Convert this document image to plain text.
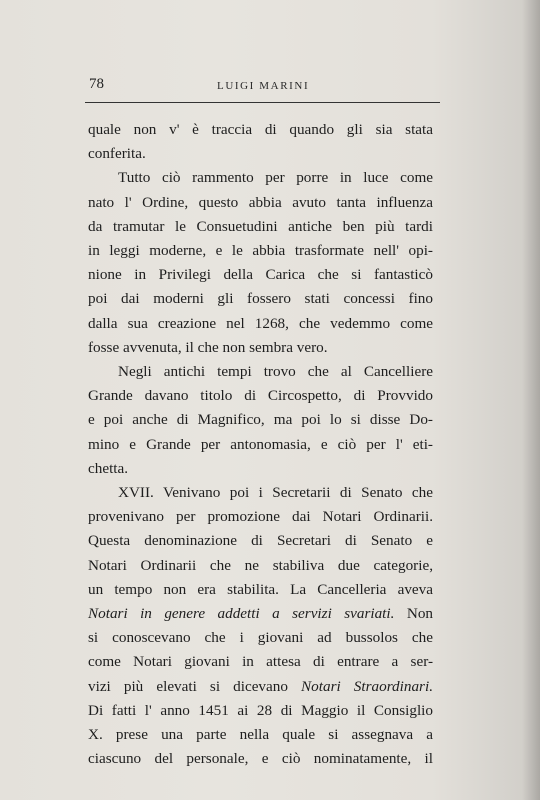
78	LUIGI MARINI
quale non v' è traccia di quando gli sia stata
conferita.
Tutto ciò rammento per porre in luce come
nato l' Ordine, questo abbia avuto tanta influenza
da tramutar le Consuetudini antiche ben più tardi
in leggi moderne, e le abbia trasformate nell' opi-
nione in Privilegi della Carica che si fantasticò
poi dai moderni gli fossero stati concessi fino
dalla sua creazione nel 1268, che vedemmo come
fosse avvenuta, il che non sembra vero.
Negli antichi tempi trovo che al Cancelliere
Grande davano titolo di Circospetto, di Provvido
e poi anche di Magnifico, ma poi lo si disse Do-
mino e Grande per antonomasia, e ciò per l' eti-
chetta.
XVII. Venivano poi i Secretarii di Senato che
provenivano per promozione dai Notari Ordinarii.
Questa denominazione di Secretari di Senato e
Notari Ordinarii che ne stabiliva due categorie,
un tempo non era stabilita. La Cancelleria aveva
Notari in genere addetti a servizi svariati. Non
si conoscevano che i giovani ad bussolos che
come Notari giovani in attesa di entrare a ser-
vizi più elevati si dicevano Notari Straordinari.
Di fatti l' anno 1451 ai 28 di Maggio il Consiglio
X. prese una parte nella quale si assegnava a
ciascuno del personale, e ciò nominatamente, il
